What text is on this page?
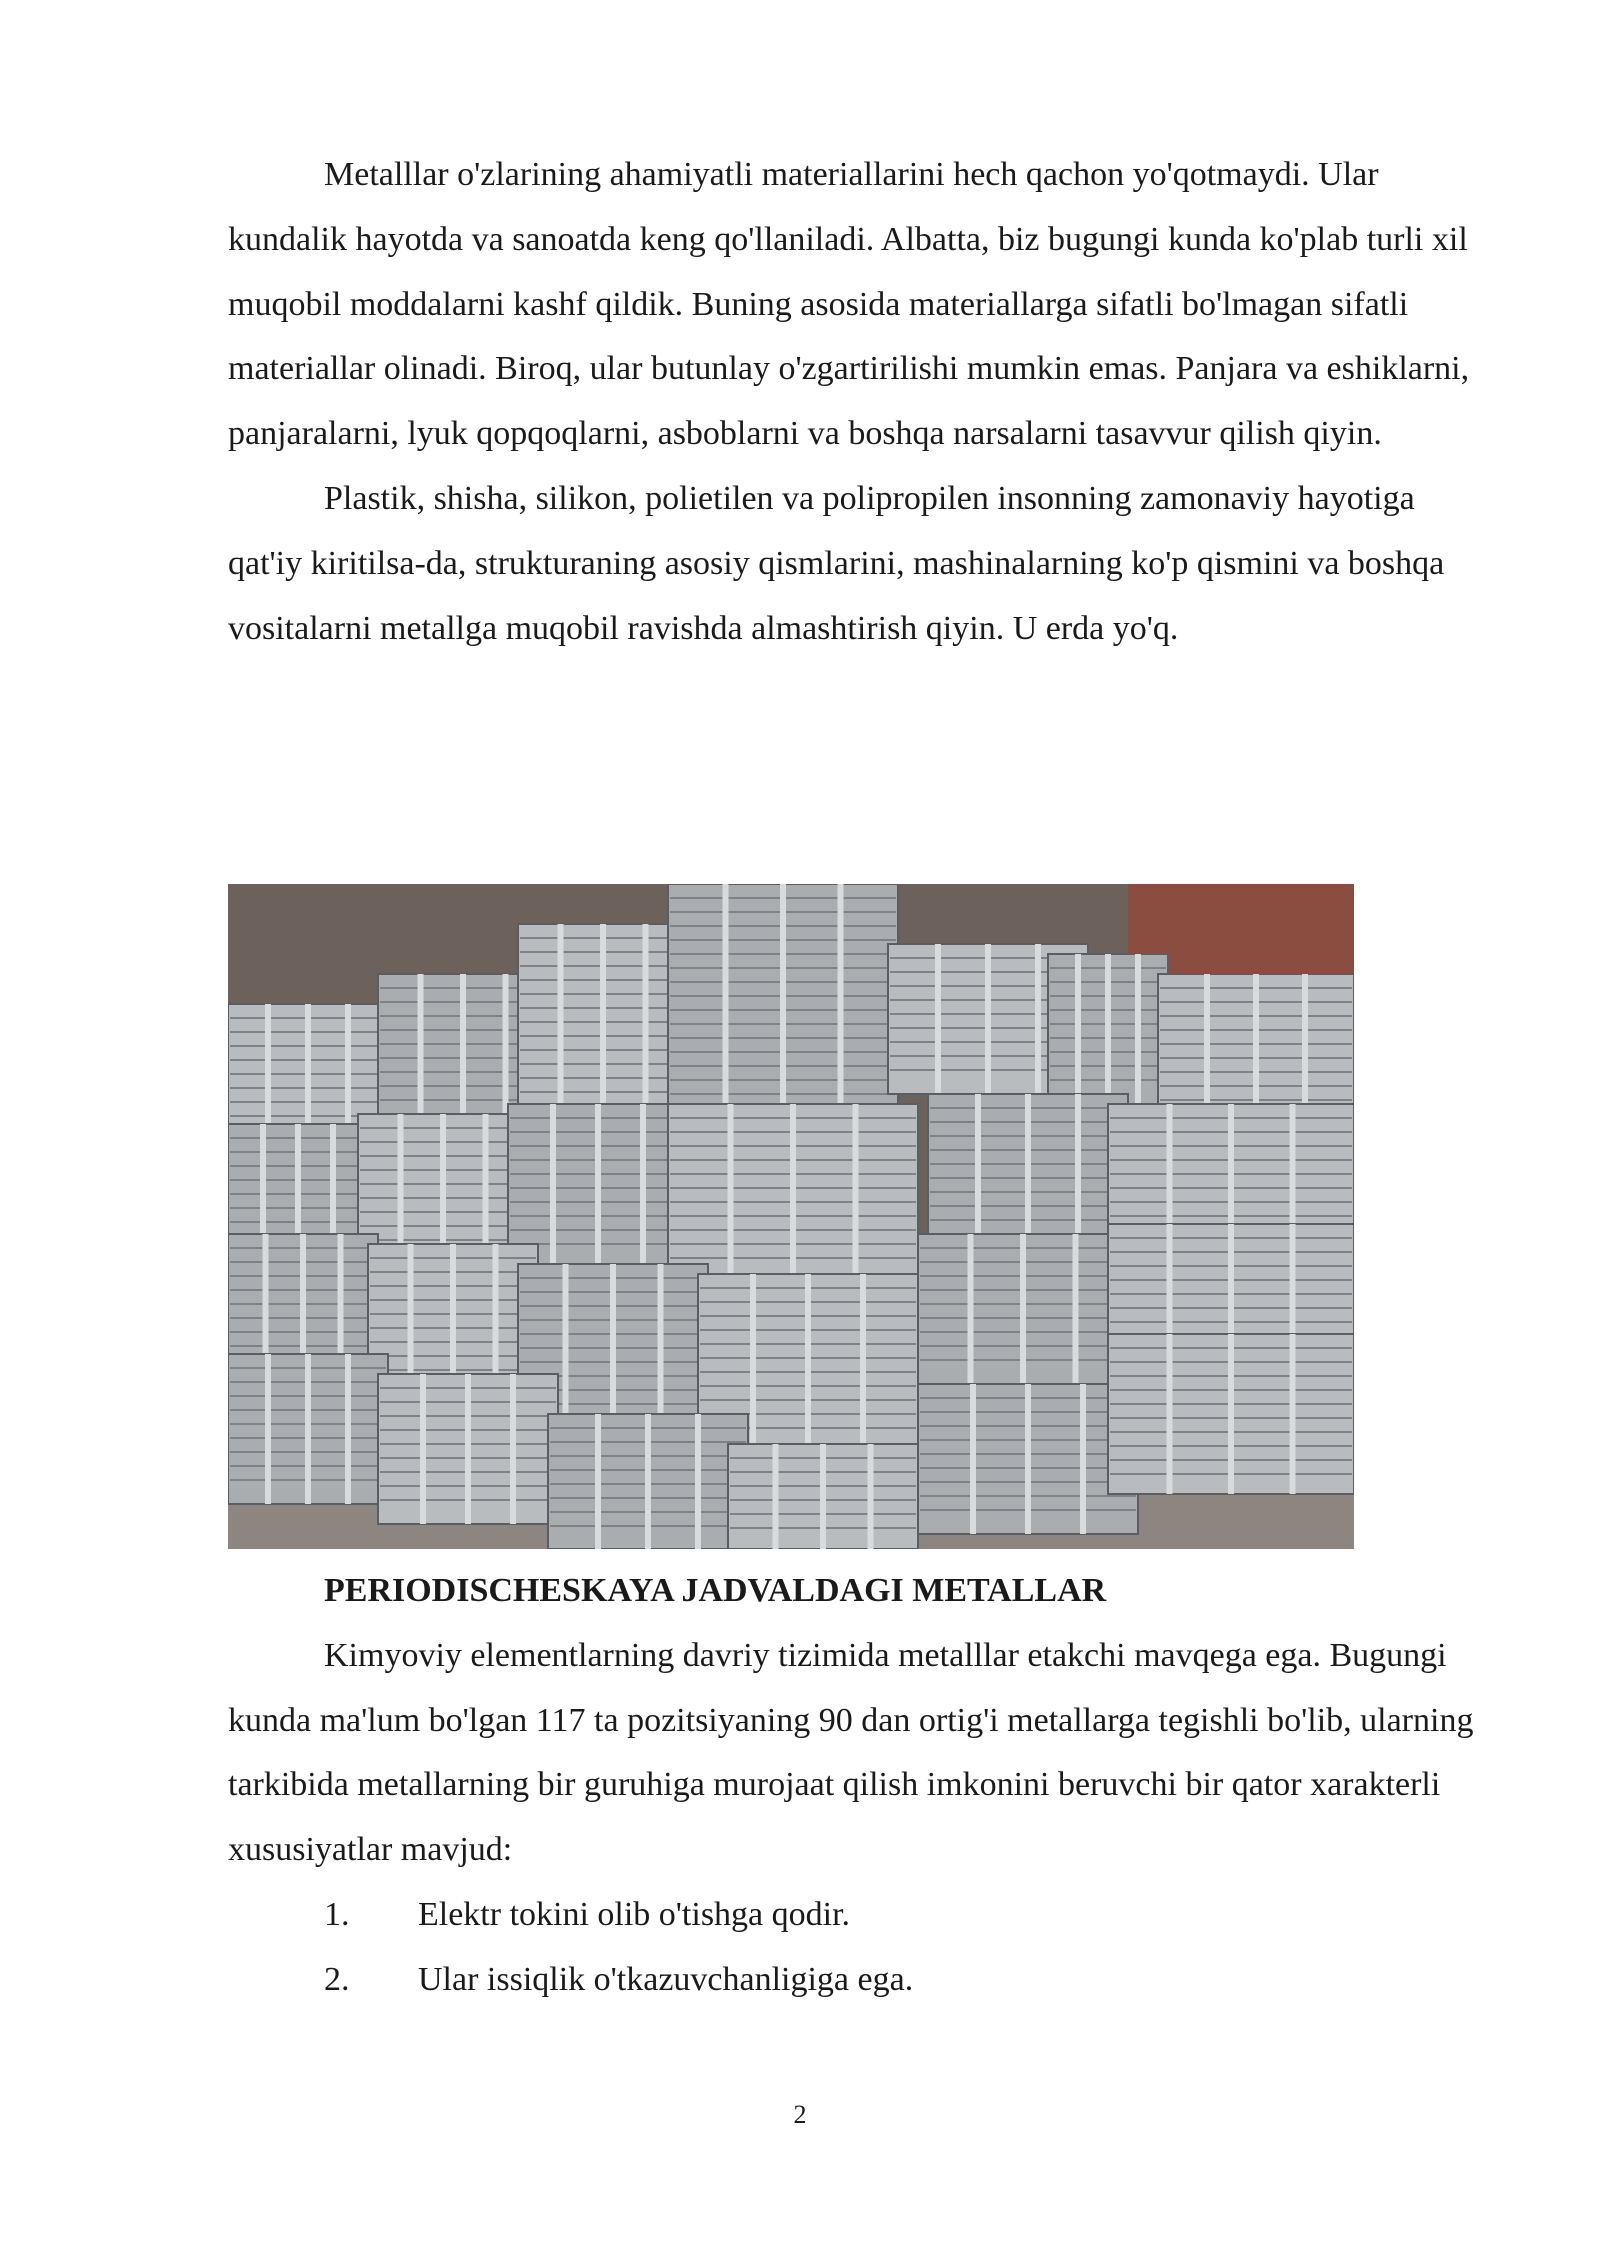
Metalllar o'zlarining ahamiyatli materiallarini hech qachon yo'qotmaydi. Ular kundalik hayotda va sanoatda keng qo'llaniladi. Albatta, biz bugungi kunda ko'plab turli xil muqobil moddalarni kashf qildik. Buning asosida materiallarga sifatli bo'lmagan sifatli materiallar olinadi. Biroq, ular butunlay o'zgartirilishi mumkin emas. Panjara va eshiklarni, panjaralarni, lyuk qopqoqlarni, asboblarni va boshqa narsalarni tasavvur qilish qiyin.

Plastik, shisha, silikon, polietilen va polipropilen insonning zamonaviy hayotiga qat'iy kiritilsa-da, strukturaning asosiy qismlarini, mashinalarning ko'p qismini va boshqa vositalarni metallga muqobil ravishda almashtirish qiyin. U erda yo'q.

PERIODISCHESKAYA JADVALDAGI METALLAR

Kimyoviy elementlarning davriy tizimida metalllar etakchi mavqega ega. Bugungi kunda ma'lum bo'lgan 117 ta pozitsiyaning 90 dan ortig'i metallarga tegishli bo'lib, ularning tarkibida metallarning bir guruhiga murojaat qilish imkonini beruvchi bir qator xarakterli xususiyatlar mavjud:

1.	Elektr tokini olib o'tishga qodir.
2.	Ular issiqlik o'tkazuvchanligiga ega.
2
